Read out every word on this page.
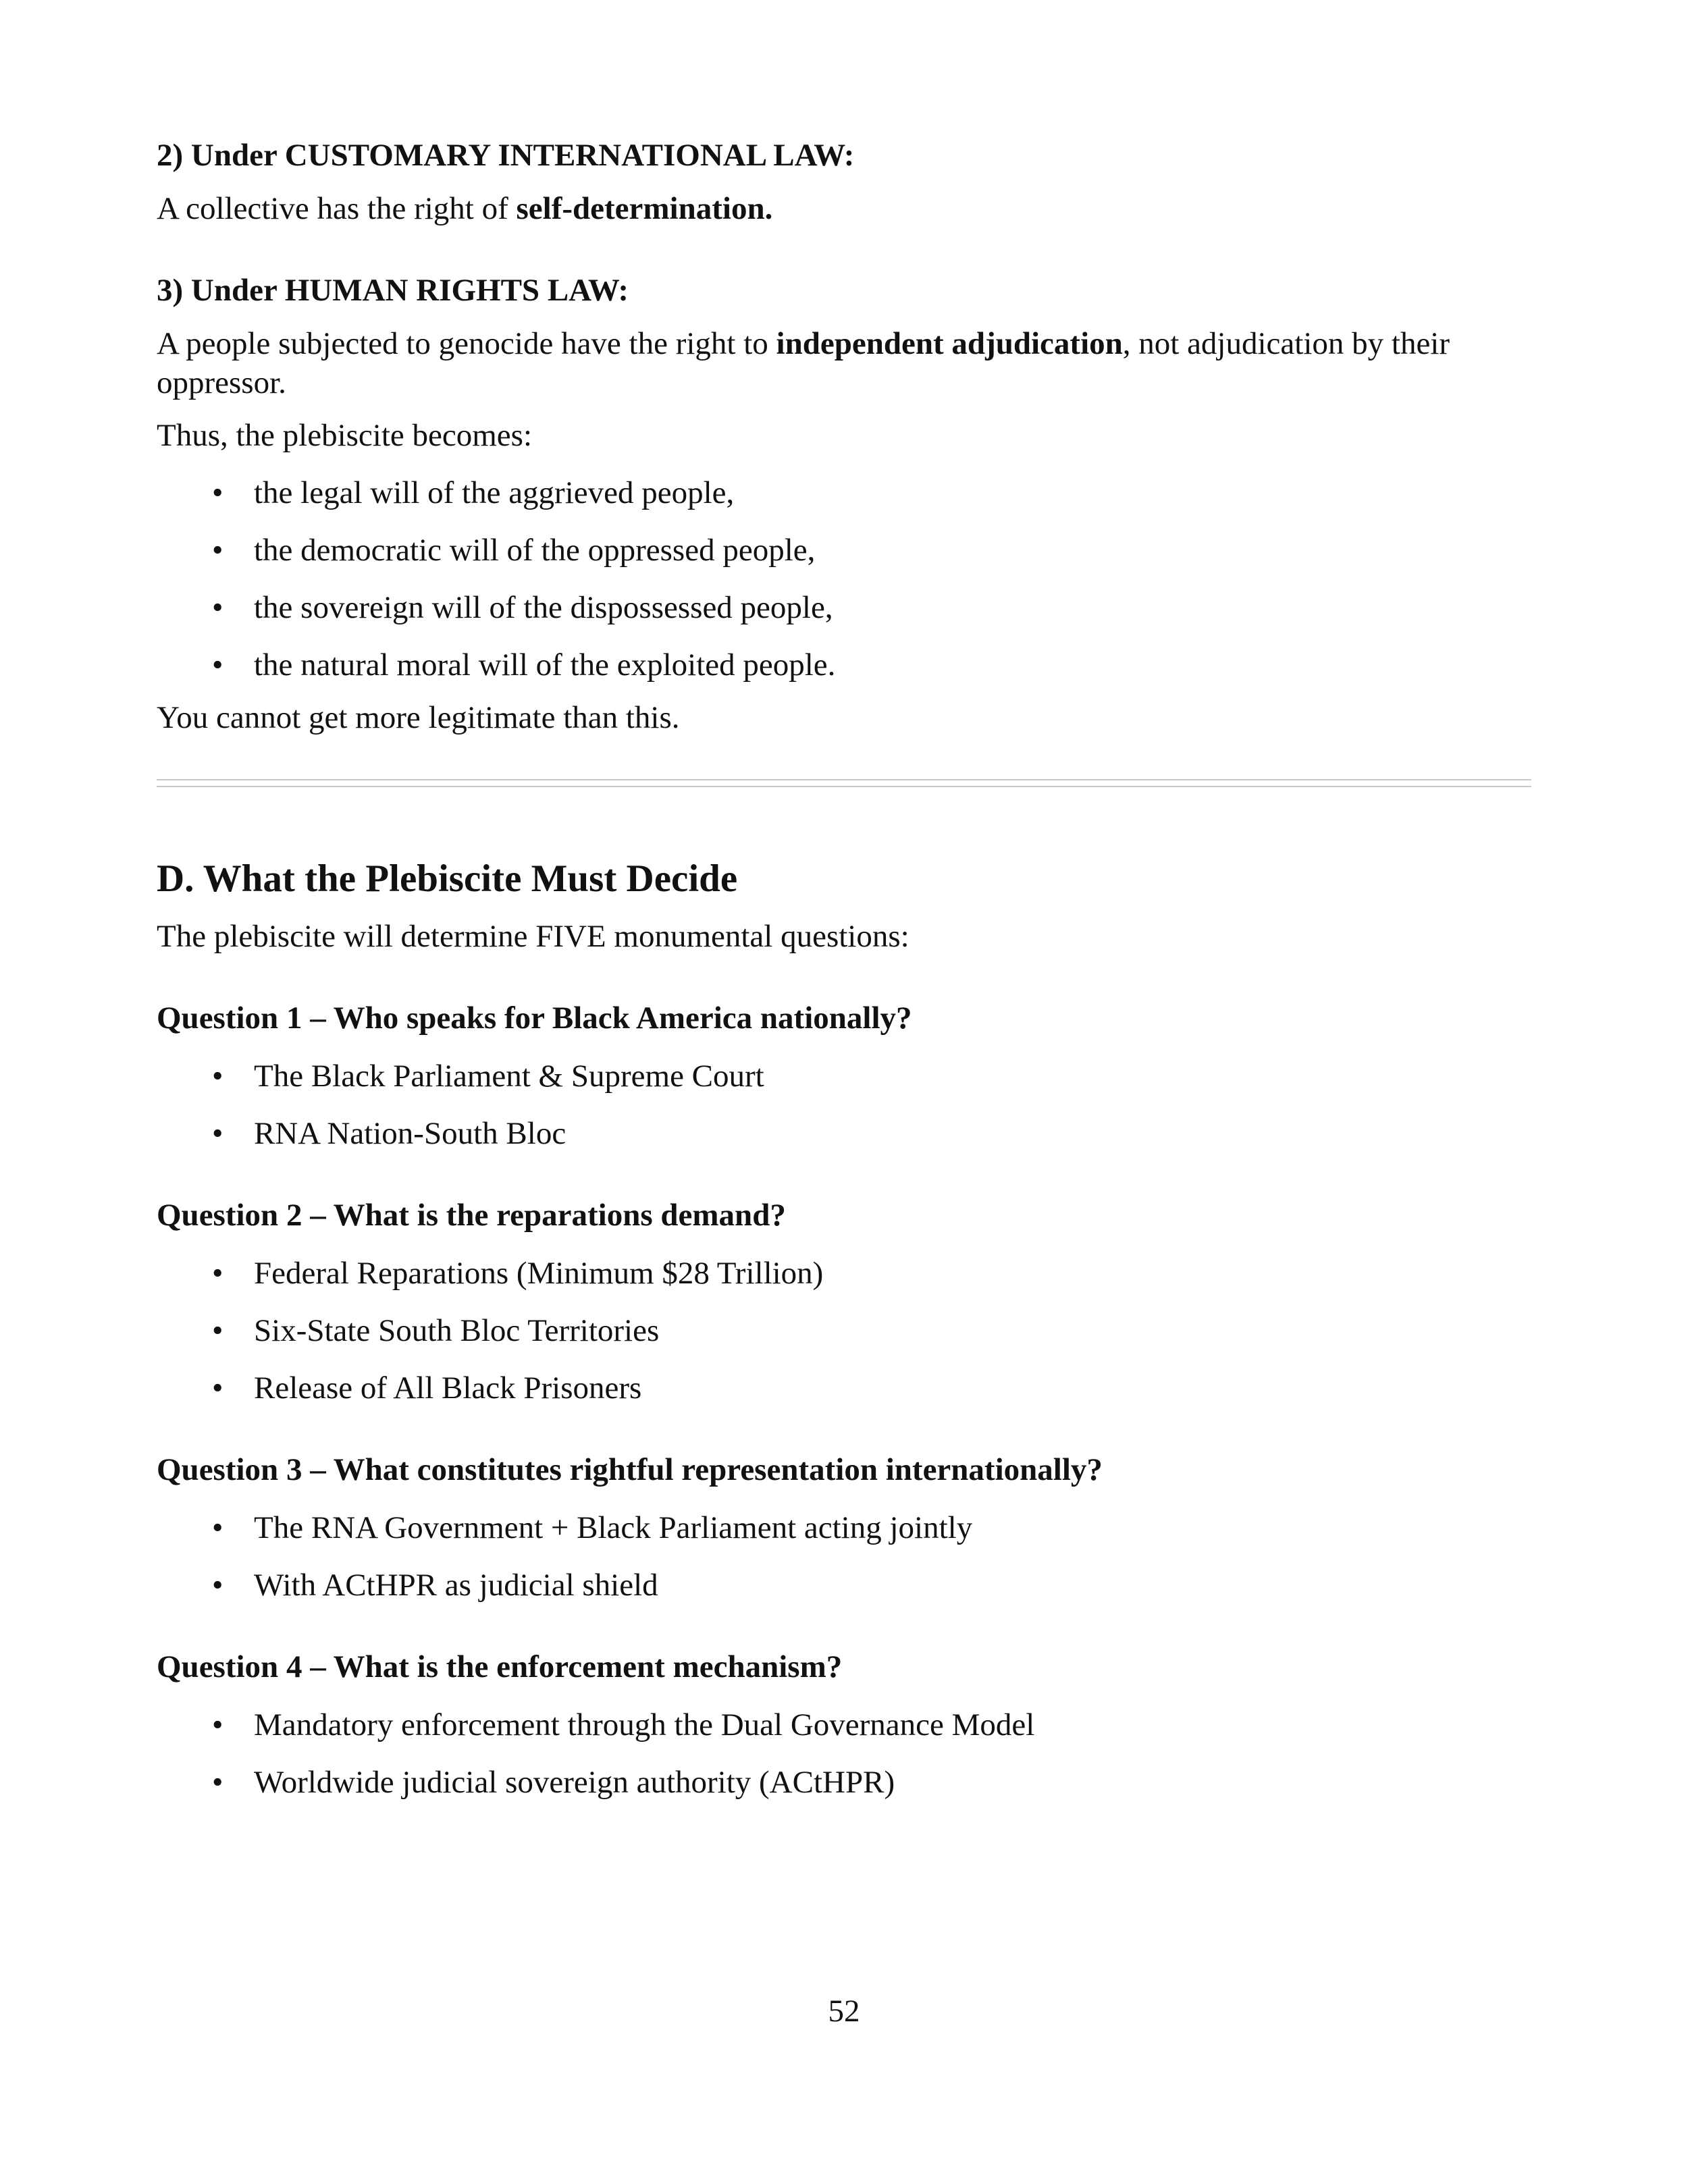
2) Under CUSTOMARY INTERNATIONAL LAW:

A collective has the right of self-determination.

3) Under HUMAN RIGHTS LAW:

A people subjected to genocide have the right to independent adjudication, not adjudication by their oppressor.

Thus, the plebiscite becomes:

• the legal will of the aggrieved people,
• the democratic will of the oppressed people,
• the sovereign will of the dispossessed people,
• the natural moral will of the exploited people.

You cannot get more legitimate than this.

D. What the Plebiscite Must Decide

The plebiscite will determine FIVE monumental questions:

Question 1 – Who speaks for Black America nationally?

• The Black Parliament & Supreme Court
• RNA Nation-South Bloc

Question 2 – What is the reparations demand?

• Federal Reparations (Minimum $28 Trillion)
• Six-State South Bloc Territories
• Release of All Black Prisoners

Question 3 – What constitutes rightful representation internationally?

• The RNA Government + Black Parliament acting jointly
• With ACtHPR as judicial shield

Question 4 – What is the enforcement mechanism?

• Mandatory enforcement through the Dual Governance Model
• Worldwide judicial sovereign authority (ACtHPR)
52
